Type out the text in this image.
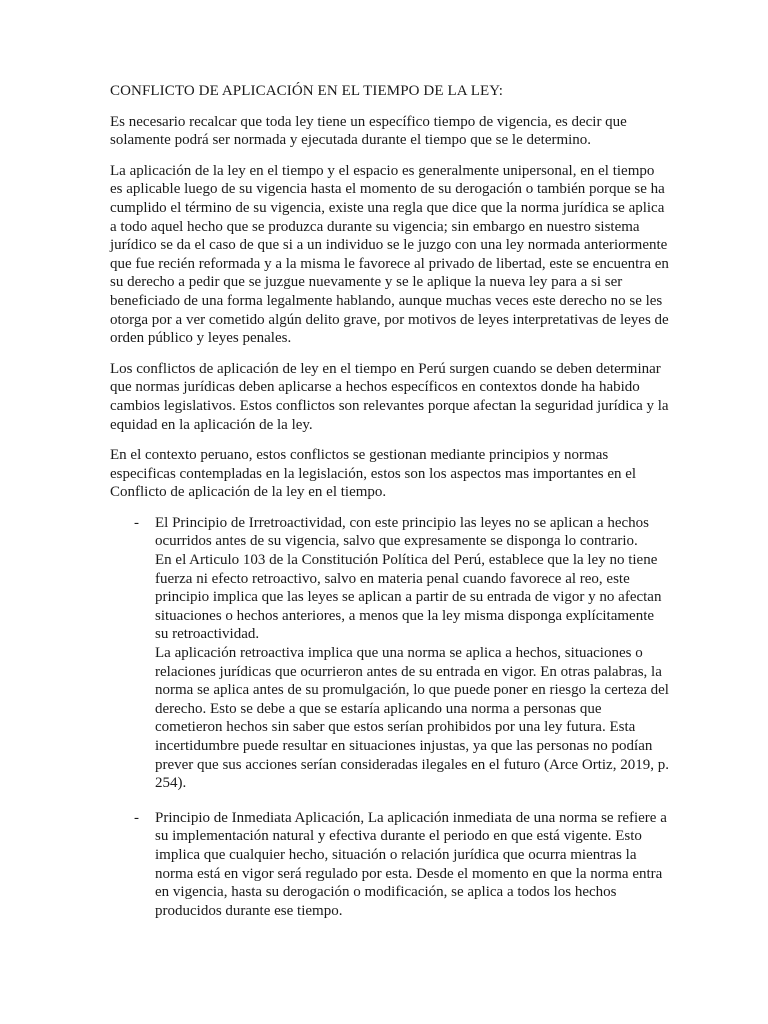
CONFLICTO DE APLICACIÓN EN EL TIEMPO DE LA LEY:

Es necesario recalcar que toda ley tiene un específico tiempo de vigencia, es decir que solamente podrá ser normada y ejecutada durante el tiempo que se le determino.

La aplicación de la ley en el tiempo y el espacio es generalmente unipersonal, en el tiempo es aplicable luego de su vigencia hasta el momento de su derogación o también porque se ha cumplido el término de su vigencia, existe una regla que dice que la norma jurídica se aplica a todo aquel hecho que se produzca durante su vigencia; sin embargo en nuestro sistema jurídico se da el caso de que si a un individuo se le juzgo con una ley normada anteriormente que fue recién reformada y a la misma le favorece al privado de libertad, este se encuentra en su derecho a pedir que se juzgue nuevamente y se le aplique la nueva ley para a si ser beneficiado de una forma legalmente hablando, aunque muchas veces este derecho no se les otorga por a ver cometido algún delito grave, por motivos de leyes interpretativas de leyes de orden público y leyes penales.

Los conflictos de aplicación de ley en el tiempo en Perú surgen cuando se deben determinar que normas jurídicas deben aplicarse a hechos específicos en contextos donde ha habido cambios legislativos. Estos conflictos son relevantes porque afectan la seguridad jurídica y la equidad en la aplicación de la ley.

En el contexto peruano, estos conflictos se gestionan mediante principios y normas especificas contempladas en la legislación, estos son los aspectos mas importantes en el Conflicto de aplicación de la ley en el tiempo.

- El Principio de Irretroactividad, con este principio las leyes no se aplican a hechos ocurridos antes de su vigencia, salvo que expresamente se disponga lo contrario.

En el Articulo 103 de la Constitución Política del Perú, establece que la ley no tiene fuerza ni efecto retroactivo, salvo en materia penal cuando favorece al reo, este principio implica que las leyes se aplican a partir de su entrada de vigor y no afectan situaciones o hechos anteriores, a menos que la ley misma disponga explícitamente su retroactividad.

La aplicación retroactiva implica que una norma se aplica a hechos, situaciones o relaciones jurídicas que ocurrieron antes de su entrada en vigor. En otras palabras, la norma se aplica antes de su promulgación, lo que puede poner en riesgo la certeza del derecho. Esto se debe a que se estaría aplicando una norma a personas que cometieron hechos sin saber que estos serían prohibidos por una ley futura. Esta incertidumbre puede resultar en situaciones injustas, ya que las personas no podían prever que sus acciones serían consideradas ilegales en el futuro (Arce Ortiz, 2019, p. 254).

- Principio de Inmediata Aplicación, La aplicación inmediata de una norma se refiere a su implementación natural y efectiva durante el periodo en que está vigente. Esto implica que cualquier hecho, situación o relación jurídica que ocurra mientras la norma está en vigor será regulado por esta. Desde el momento en que la norma entra en vigencia, hasta su derogación o modificación, se aplica a todos los hechos producidos durante ese tiempo.
